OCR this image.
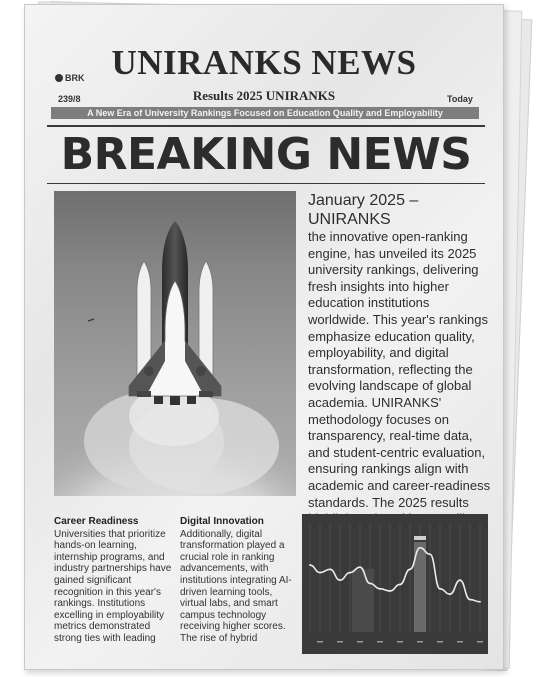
BRK UNIRANKS NEWS
239/8	Results 2025 UNIRANKS	Today
A New Era of University Rankings Focused on Education Quality and Employability
BREAKING NEWS
January 2025 – UNIRANKS
the innovative open-ranking engine, has unveiled its 2025 university rankings, delivering fresh insights into higher education institutions worldwide. This year's rankings emphasize education quality, employability, and digital transformation, reflecting the evolving landscape of global academia. UNIRANKS' methodology focuses on transparency, real-time data, and student-centric evaluation, ensuring rankings align with academic and career-readiness standards. The 2025 results
Career Readiness
Universities that prioritize hands-on learning, internship programs, and industry partnerships have gained significant recognition in this year's rankings. Institutions excelling in employability metrics demonstrated strong ties with leading
Digital Innovation
Additionally, digital transformation played a crucial role in ranking advancements, with institutions integrating AI-driven learning tools, virtual labs, and smart campus technology receiving higher scores. The rise of hybrid
